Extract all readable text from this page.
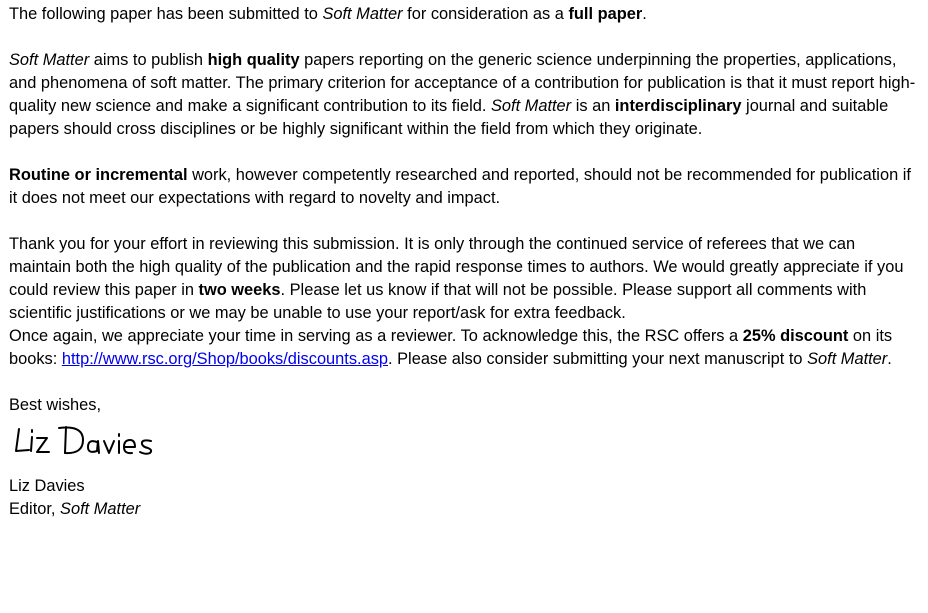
The following paper has been submitted to Soft Matter for consideration as a full paper.

Soft Matter aims to publish high quality papers reporting on the generic science underpinning the properties, applications, and phenomena of soft matter. The primary criterion for acceptance of a contribution for publication is that it must report high-quality new science and make a significant contribution to its field. Soft Matter is an interdisciplinary journal and suitable papers should cross disciplines or be highly significant within the field from which they originate.

Routine or incremental work, however competently researched and reported, should not be recommended for publication if it does not meet our expectations with regard to novelty and impact.

Thank you for your effort in reviewing this submission. It is only through the continued service of referees that we can maintain both the high quality of the publication and the rapid response times to authors. We would greatly appreciate if you could review this paper in two weeks. Please let us know if that will not be possible. Please support all comments with scientific justifications or we may be unable to use your report/ask for extra feedback.

Once again, we appreciate your time in serving as a reviewer. To acknowledge this, the RSC offers a 25% discount on its books: http://www.rsc.org/Shop/books/discounts.asp. Please also consider submitting your next manuscript to Soft Matter.

Best wishes,

Liz Davies

Editor, Soft Matter
